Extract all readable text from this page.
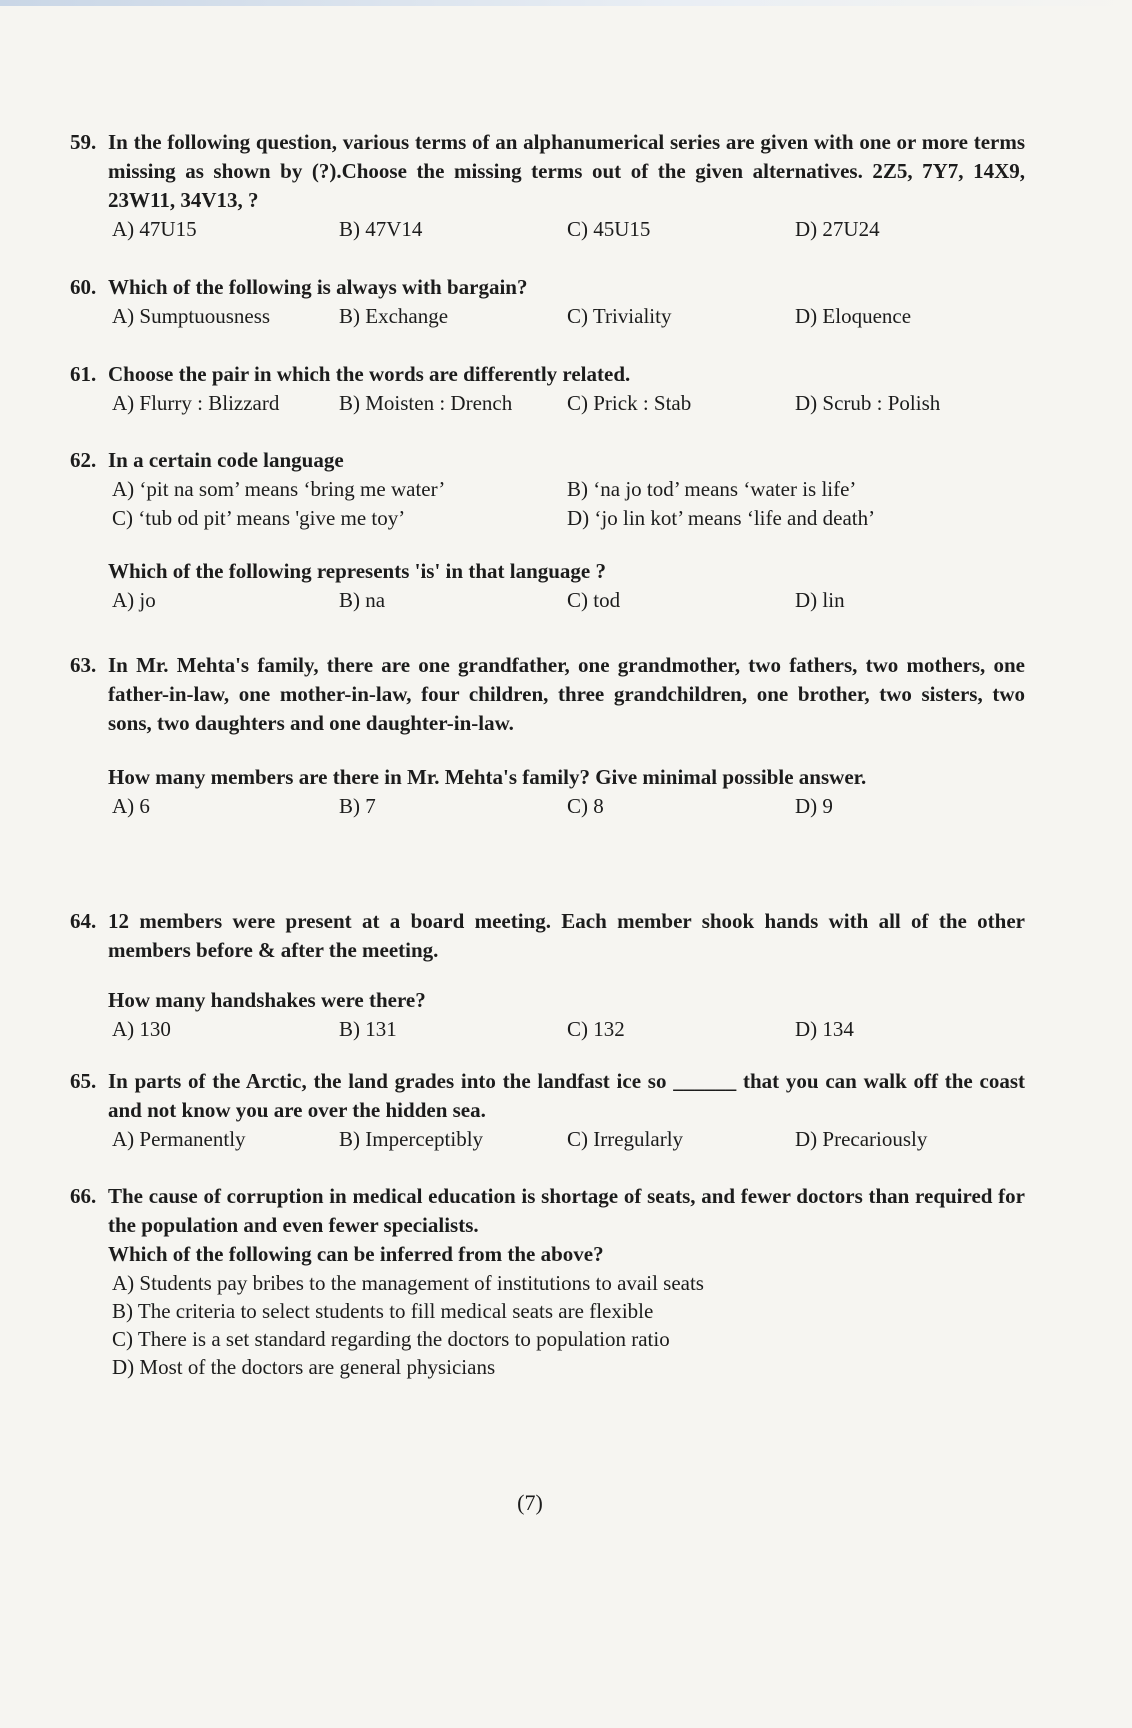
59. In the following question, various terms of an alphanumerical series are given with one or more terms missing as shown by (?).Choose the missing terms out of the given alternatives. 2Z5, 7Y7, 14X9, 23W11, 34V13, ?
A) 47U15	B) 47V14	C) 45U15	D) 27U24
60. Which of the following is always with bargain?
A) Sumptuousness	B) Exchange	C) Triviality	D) Eloquence
61. Choose the pair in which the words are differently related.
A) Flurry : Blizzard	B) Moisten : Drench	C) Prick : Stab	D) Scrub : Polish
62. In a certain code language
A) ‘pit na som’ means ‘bring me water’	B) ‘na jo tod’ means ‘water is life’
C) ‘tub od pit’ means 'give me toy’	D) ‘jo lin kot’ means ‘life and death’
Which of the following represents 'is' in that language ?
A) jo	B) na	C) tod	D) lin
63. In Mr. Mehta's family, there are one grandfather, one grandmother, two fathers, two mothers, one father-in-law, one mother-in-law, four children, three grandchildren, one brother, two sisters, two sons, two daughters and one daughter-in-law.
How many members are there in Mr. Mehta's family? Give minimal possible answer.
A) 6	B) 7	C) 8	D) 9
64. 12 members were present at a board meeting. Each member shook hands with all of the other members before & after the meeting.
How many handshakes were there?
A) 130	B) 131	C) 132	D) 134
65. In parts of the Arctic, the land grades into the landfast ice so ______ that you can walk off the coast and not know you are over the hidden sea.
A) Permanently	B) Imperceptibly	C) Irregularly	D) Precariously
66. The cause of corruption in medical education is shortage of seats, and fewer doctors than required for the population and even fewer specialists.
Which of the following can be inferred from the above?
A) Students pay bribes to the management of institutions to avail seats
B) The criteria to select students to fill medical seats are flexible
C) There is a set standard regarding the doctors to population ratio
D) Most of the doctors are general physicians
(7)
